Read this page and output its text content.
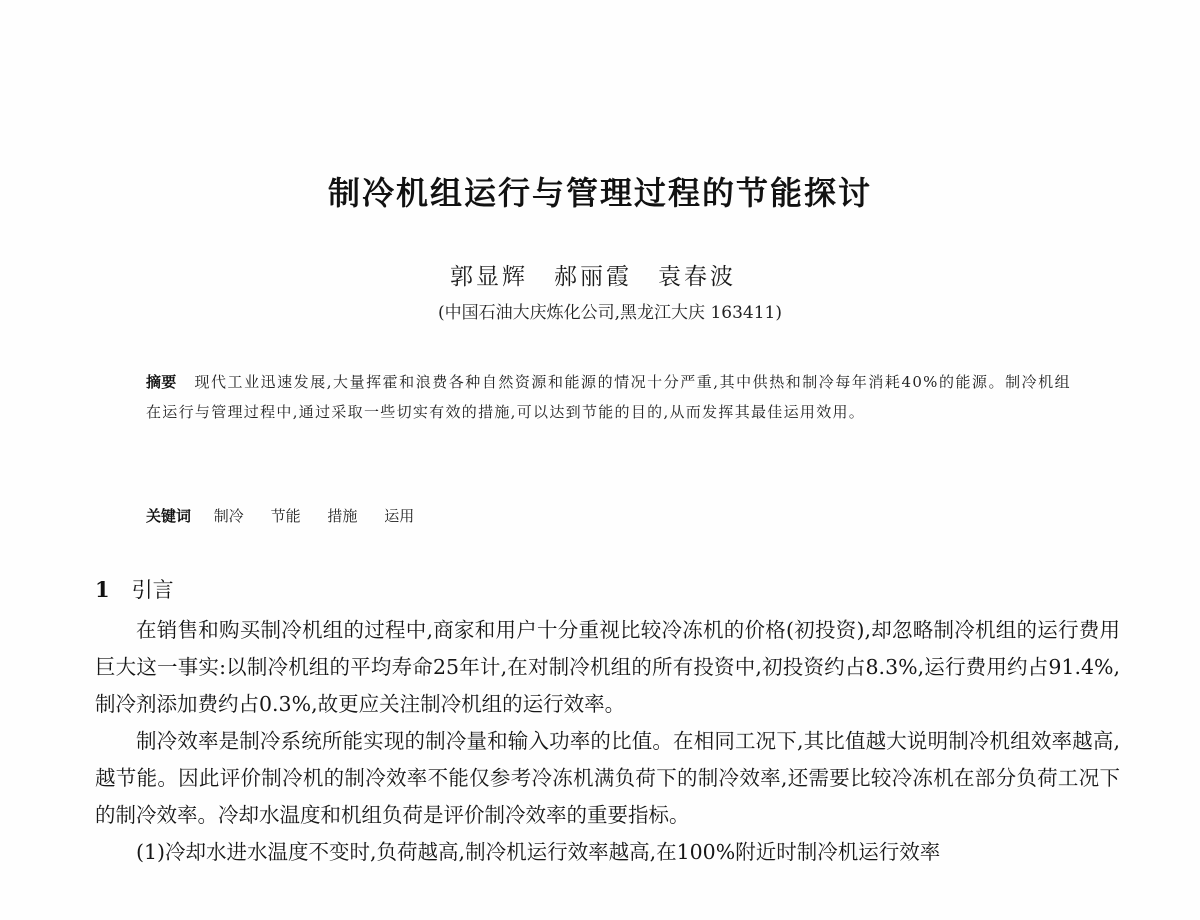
制冷机组运行与管理过程的节能探讨
郭显辉 郝丽霞 袁春波
(中国石油大庆炼化公司,黑龙江大庆 163411)
摘要 现代工业迅速发展,大量挥霍和浪费各种自然资源和能源的情况十分严重,其中供热和制冷每年消耗40%的能源。制冷机组在运行与管理过程中,通过采取一些切实有效的措施,可以达到节能的目的,从而发挥其最佳运用效用。
关键词 制冷 节能 措施 运用
1 引言

在销售和购买制冷机组的过程中,商家和用户十分重视比较冷冻机的价格(初投资),却忽略制冷机组的运行费用巨大这一事实:以制冷机组的平均寿命25年计,在对制冷机组的所有投资中,初投资约占8.3%,运行费用约占91.4%,制冷剂添加费约占0.3%,故更应关注制冷机组的运行效率。

制冷效率是制冷系统所能实现的制冷量和输入功率的比值。在相同工况下,其比值越大说明制冷机组效率越高,越节能。因此评价制冷机的制冷效率不能仅参考冷冻机满负荷下的制冷效率,还需要比较冷冻机在部分负荷工况下的制冷效率。冷却水温度和机组负荷是评价制冷效率的重要指标。

(1)冷却水进水温度不变时,负荷越高,制冷机运行效率越高,在100%附近时制冷机运行效率
